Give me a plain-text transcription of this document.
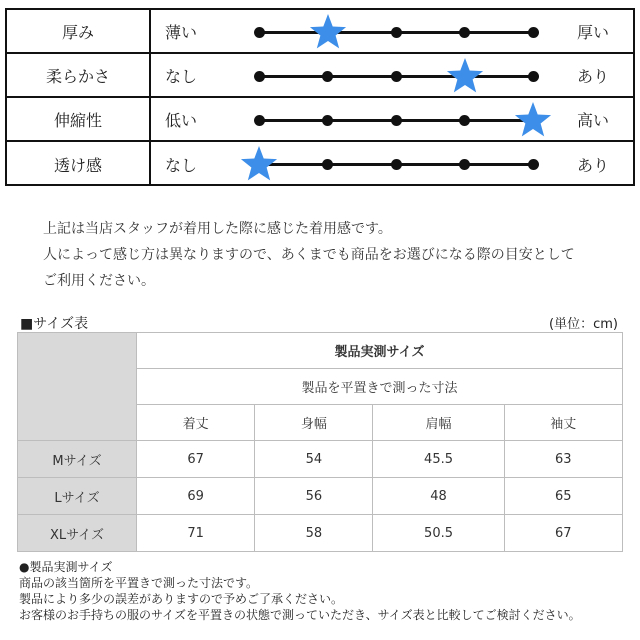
厚み	薄い	厚い
柔らかさ	なし	あり
伸縮性	低い	高い
透け感	なし	あり

上記は当店スタッフが着用した際に感じた着用感です。

人によって感じ方は異なりますので、あくまでも商品をお選びになる際の目安として

ご利用ください。

■サイズ表	(単位：cm)
	製品実測サイズ			
	製品を平置きで測った寸法			
	着丈	身幅	肩幅	袖丈
Mサイズ	67	54	45.5	63
Lサイズ	69	56	48	65
XLサイズ	71	58	50.5	67

●製品実測サイズ

商品の該当箇所を平置きで測った寸法です。

製品により多少の誤差がありますので予めご了承ください。

お客様のお手持ちの服のサイズを平置きの状態で測っていただき、サイズ表と比較してご検討ください。
